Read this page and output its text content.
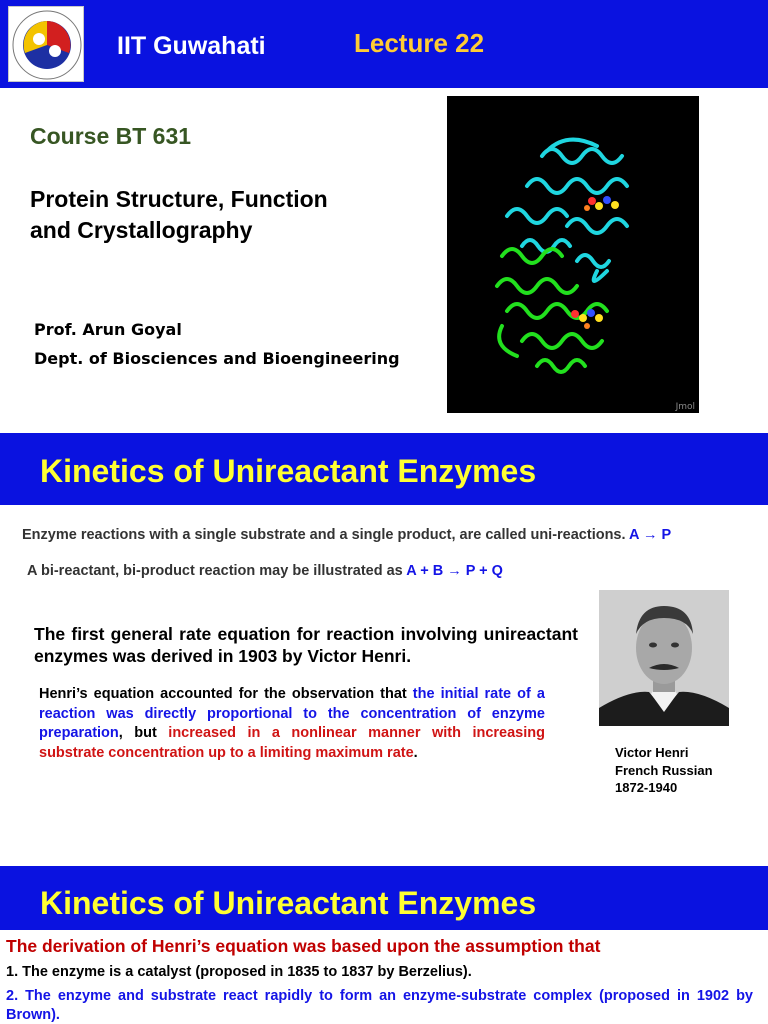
IIT Guwahati	Lecture 22
Course BT 631
Protein Structure, Function
and Crystallography
Prof. Arun Goyal
Dept. of Biosciences and Bioengineering
Jmol
Kinetics of Unireactant Enzymes
Enzyme reactions with a single substrate and a single product, are called uni-reactions. A → P
A bi-reactant, bi-product reaction may be illustrated as A + B → P + Q
The first general rate equation for reaction involving unireactant enzymes was derived in 1903 by Victor Henri.
Henri’s equation accounted for the observation that the initial rate of a reaction was directly proportional to the concentration of enzyme preparation, but increased in a nonlinear manner with increasing substrate concentration up to a limiting maximum rate.	Victor Henri
French Russian
1872-1940
Kinetics of Unireactant Enzymes
The derivation of Henri’s equation was based upon the assumption that
1. The enzyme is a catalyst (proposed in 1835 to 1837 by Berzelius).
2. The enzyme and substrate react rapidly to form an enzyme-substrate complex (proposed in 1902 by Brown).
